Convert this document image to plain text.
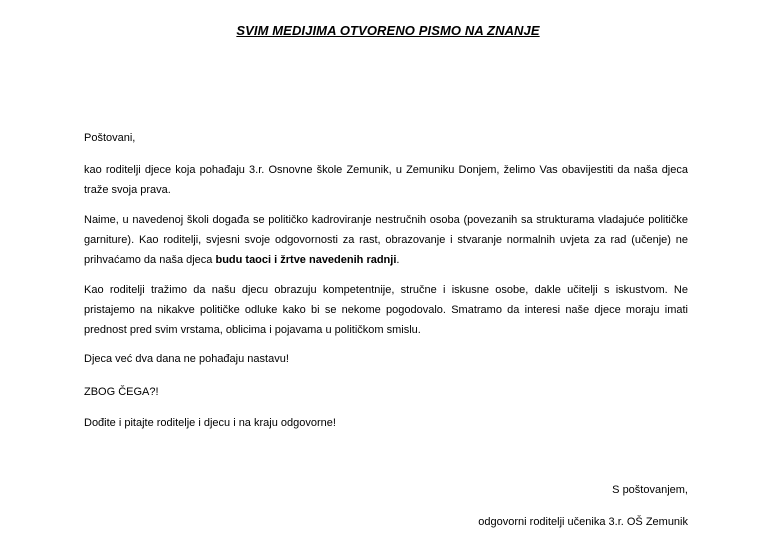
SVIM MEDIJIMA OTVORENO PISMO NA ZNANJE
Poštovani,
kao roditelji djece koja pohađaju 3.r. Osnovne škole Zemunik, u Zemuniku Donjem, želimo Vas obavijestiti da naša djeca traže svoja prava.
Naime, u navedenoj školi događa se političko kadroviranje nestručnih osoba (povezanih sa strukturama vladajuće političke garniture). Kao roditelji, svjesni svoje odgovornosti za rast, obrazovanje i stvaranje normalnih uvjeta za rad (učenje) ne prihvaćamo da naša djeca budu taoci i žrtve navedenih radnji.
Kao roditelji tražimo da našu djecu obrazuju kompetentnije, stručne i iskusne osobe, dakle učitelji s iskustvom. Ne pristajemo na nikakve političke odluke kako bi se nekome pogodovalo. Smatramo da interesi naše djece moraju imati prednost pred svim vrstama, oblicima i pojavama u političkom smislu.
Djeca već dva dana ne pohađaju nastavu!
ZBOG ČEGA?!
Dođite i pitajte roditelje i djecu i na kraju odgovorne!
S poštovanjem,
odgovorni roditelji učenika 3.r. OŠ Zemunik
